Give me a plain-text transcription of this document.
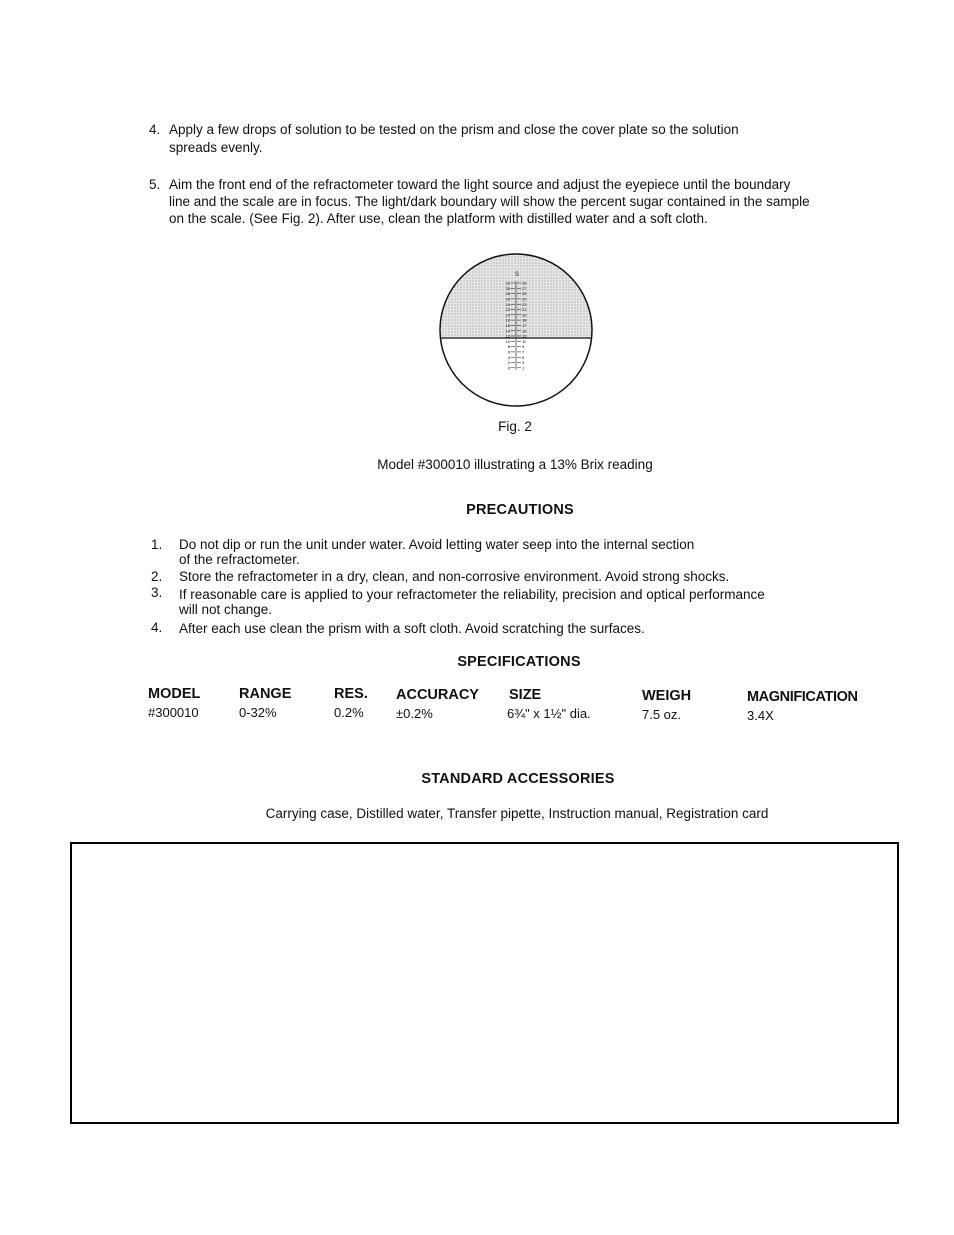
4. Apply a few drops of solution to be tested on the prism and close the cover plate so the solution
spreads evenly.
5. Aim the front end of the refractometer toward the light source and adjust the eyepiece until the boundary
line and the scale are in focus. The light/dark boundary will show the percent sugar contained in the sample
on the scale. (See Fig. 2). After use, clean the platform with distilled water and a soft cloth.
S
32
30
28
26
24
22
20
18
16
14
12
10
8
6
4
2
0
28
27
26
25
23
21
19
18
17
15
13
11
9
7
5
3
1
Fig. 2
Model #300010 illustrating a 13% Brix reading
PRECAUTIONS
1. Do not dip or run the unit under water. Avoid letting water seep into the internal section
of the refractometer.
2. Store the refractometer in a dry, clean, and non-corrosive environment. Avoid strong shocks.
3. If reasonable care is applied to your refractometer the reliability, precision and optical performance
will not change.
4. After each use clean the prism with a soft cloth. Avoid scratching the surfaces.
SPECIFICATIONS
MODEL
#300010
RANGE
0-32%
RES.
0.2%
ACCURACY
±0.2%
SIZE
6¾" x 1½" dia.
WEIGH
7.5 oz.
MAGNIFICATION
3.4X
STANDARD ACCESSORIES
Carrying case, Distilled water, Transfer pipette, Instruction manual, Registration card
